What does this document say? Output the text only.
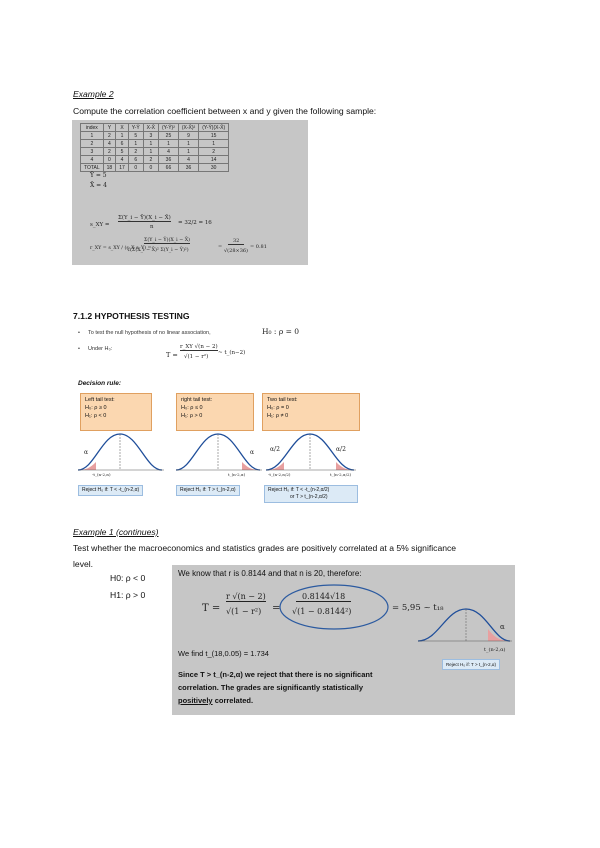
Example 2
Compute the correlation coefficient between x and y given the following sample:
index	Y	X	Y-Ȳ	X-X̄	(Y-Ȳ)²	(X-X̄)²	(Y-Ȳ)(X-X̄)
1	2	1	5	3	25	9	15
2	4	6	1	1	1	1	1
3	2	5	2	1	4	1	2
4	0	4	6	2	36	4	14
TOTAL	18	17	0	0	66	36	30
Ȳ = 5
X̄ = 4
s_XY =
Σ(Y_i − Ȳ)(X_i − X̄)
n
= 32/2 = 16
r_XY = s_XY / (s_X s_Y) =
Σ(Y_i − Ȳ)(X_i − X̄)
√(Σ(X_i − X̄)² Σ(Y_i − Ȳ)²)
=
32
√(28×36)
= 0.81
7.1.2 HYPOTHESIS TESTING
• To test the null hypothesis of no linear association,	H₀ : ρ = 0
• Under H₀:
T =
r_XY √(n − 2)
√(1 − r²)
~ t_(n−2)
Decision rule:
Left tail test:
H₀: ρ ≥ 0
H₁: ρ < 0
right tail test:
H₀: ρ ≤ 0
H₁: ρ > 0
Two tail test:
H₀: ρ = 0
H₁: ρ ≠ 0
α
-t_(n-2,α)
α
t_(n-2,α)
α/2	α/2
-t_(n-2,α/2)	t_(n-2,α/2)
Reject H₀ if: T < -t_(n-2,α)	Reject H₀ if: T > t_(n-2,α)	Reject H₀ if: T < -t_(n-2,α/2)
or T > t_(n-2,α/2)
Example 1 (continues)
Test whether the macroeconomics and statistics grades are positively correlated at a 5% significance
level.
H0: ρ < 0
H1: ρ > 0
We know that r is 0.8144 and that n is 20, therefore:
T =
r √(n − 2)
√(1 − r²) =
0.8144√18
√(1 − 0.8144²)	= 5,95 ~ t₁₈
We find t_(18,0.05) = 1.734
Since T > t_(n-2,α) we reject that there is no significant
correlation. The grades are significantly statistically
positively correlated.
α
t_(n-2,α)
Reject H₀ if: T > t_(n-2,α)
